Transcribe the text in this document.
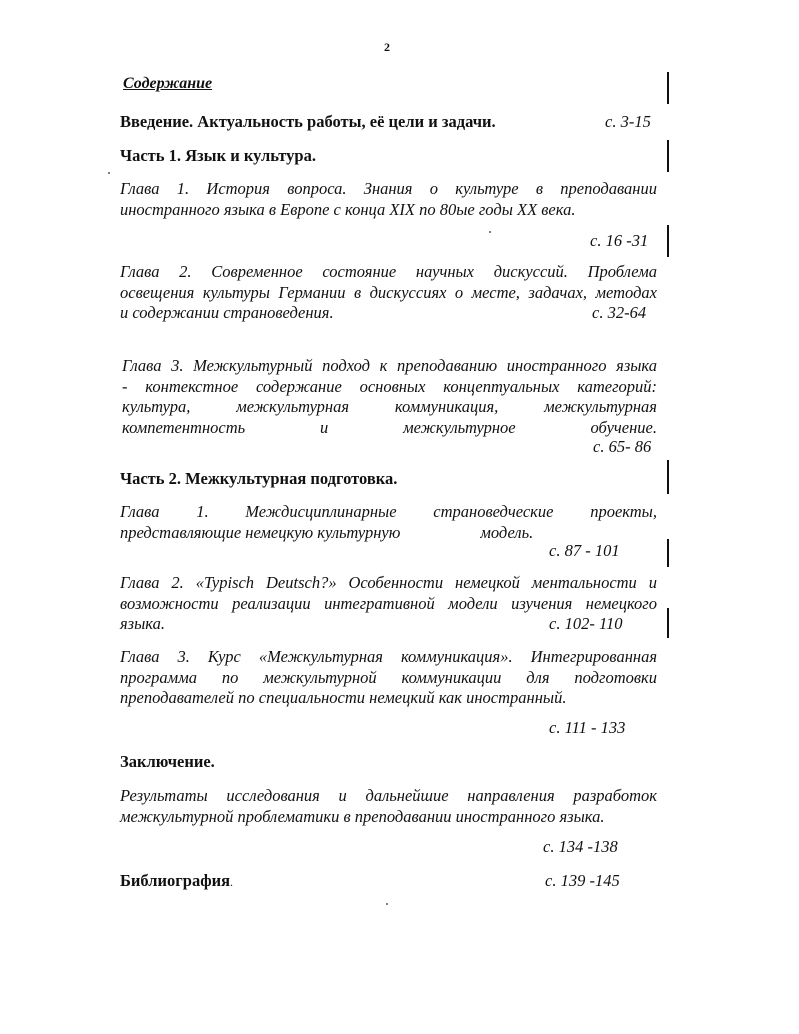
2
Содержание
Введение. Актуальность работы, её цели и задачи.	с. 3-15
Часть 1. Язык и культура.
Глава 1. История вопроса. Знания о культуре в преподавании
иностранного языка в Европе с конца XIX по 80ые годы XX века.
с. 16 -31
Глава 2. Современное состояние научных дискуссий. Проблема
освещения культуры Германии в дискуссиях о месте, задачах, методах
и содержании страноведения.	с. 32-64
Глава 3. Межкультурный подход к преподаванию иностранного языка
- контекстное содержание основных концептуальных категорий:
культура,	межкультурная	коммуникация,	межкультурная
компетентность	и	межкультурное	обучение.
с. 65- 86
Часть 2. Межкультурная подготовка.
Глава 1. Междисциплинарные страноведческие проекты,
представляющие немецкую культурную	модель.
с. 87 - 101
Глава 2. «Typisch Deutsch?» Особенности немецкой ментальности и
возможности реализации интегративной модели изучения немецкого
языка.	с. 102- 110
Глава 3. Курс «Межкультурная коммуникация». Интегрированная
программа по межкультурной коммуникации для подготовки
преподавателей по специальности немецкий как иностранный.
с. 111 - 133
Заключение.
Результаты исследования и дальнейшие направления разработок
межкультурной проблематики в преподавании иностранного языка.
с. 134 -138
Библиография.	с. 139 -145
